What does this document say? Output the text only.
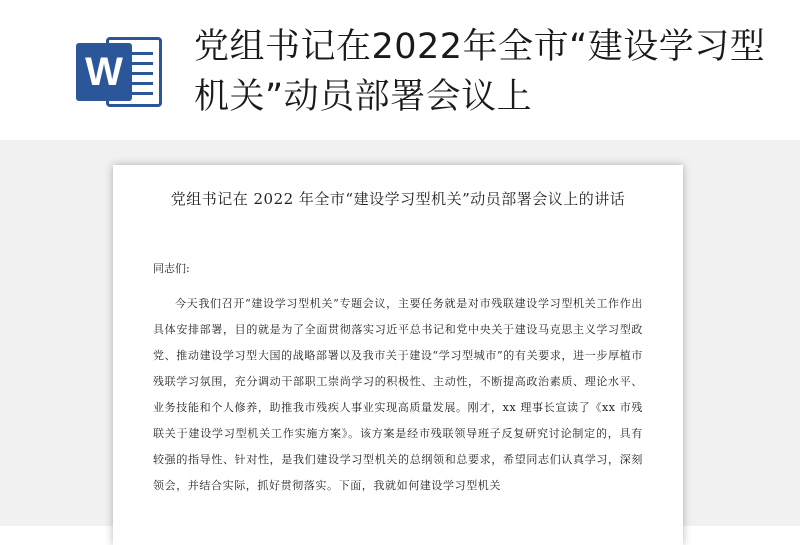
W
党组书记在2022年全市“建设学习型机关”动员部署会议上
党组书记在 2022 年全市“建设学习型机关”动员部署会议上的讲话
同志们:

今天我们召开“建设学习型机关”专题会议，主要任务就是对市残联建设学习型机关工作作出具体安排部署，目的就是为了全面贯彻落实习近平总书记和党中央关于建设马克思主义学习型政党、推动建设学习型大国的战略部署以及我市关于建设“学习型城市”的有关要求，进一步厚植市残联学习氛围，充分调动干部职工崇尚学习的积极性、主动性，不断提高政治素质、理论水平、业务技能和个人修养，助推我市残疾人事业实现高质量发展。刚才，xx 理事长宣读了《xx 市残联关于建设学习型机关工作实施方案》。该方案是经市残联领导班子反复研究讨论制定的，具有较强的指导性、针对性，是我们建设学习型机关的总纲领和总要求，希望同志们认真学习，深刻领会，并结合实际，抓好贯彻落实。下面，我就如何建设学习型机关
